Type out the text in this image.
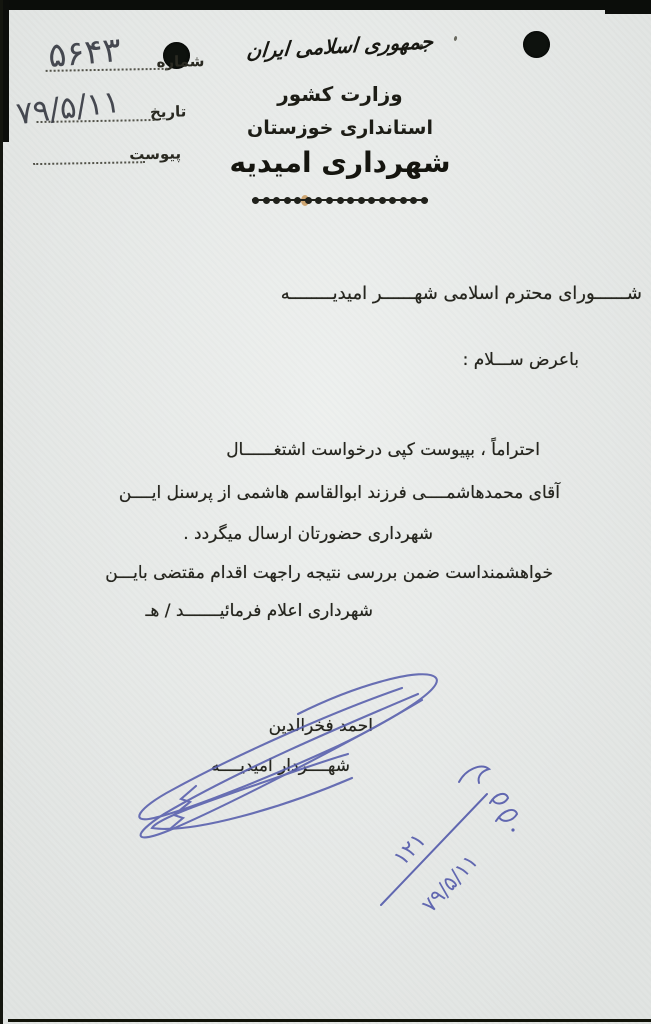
جمهوری اسلامی ایران
وزارت کشور
استانداری خوزستان
شهرداری امیدیه
شماره
تاریخ
پیوست
۵۶۴۳
۷۹/۵/۱۱
شــــــورای محترم اسلامی شهــــــر امیدیــــــــه
باعرض ســـلام :
احتراماً ، بپیوست کپی درخواست اشتغــــــال
آقای محمدهاشمــــی فرزند ابوالقاسم هاشمی از پرسنل ایــــن
شهرداری حضورتان ارسال میگردد .
خواهشمنداست ضمن بررسی نتیجه راجهت اقدام مقتضی بایـــن
شهرداری اعلام فرمائیـــــــد / هـ
احمد فخرالدین
شهــــردار امیدیــــه
۱۲۱
۷۹/۵/۱۱
